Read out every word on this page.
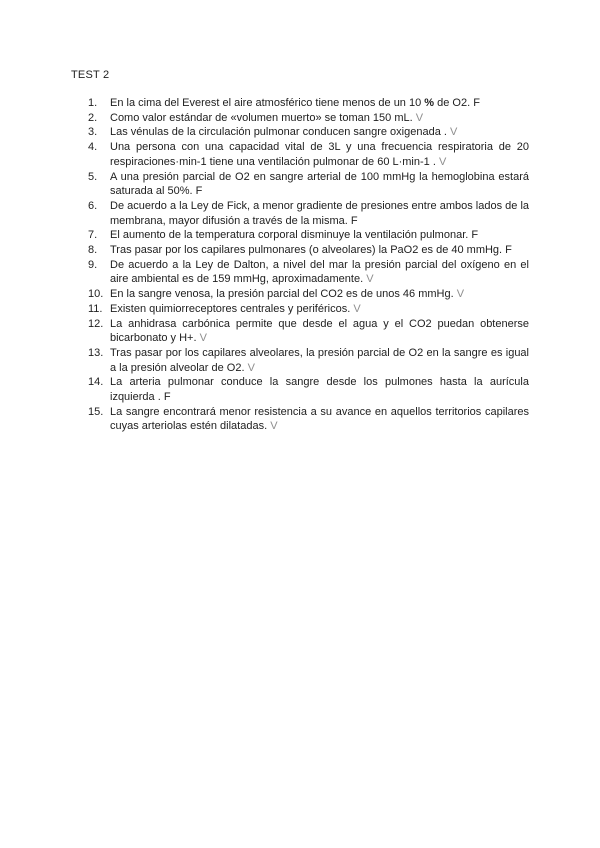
TEST 2

1.	En la cima del Everest el aire atmosférico tiene menos de un 10 % de O2. F
2.	Como valor estándar de «volumen muerto» se toman 150 mL. V
3.	Las vénulas de la circulación pulmonar conducen sangre oxigenada . V
4.	Una persona con una capacidad vital de 3L y una frecuencia respiratoria de 20 respiraciones·min-1 tiene una ventilación pulmonar de 60 L·min-1 . V
5.	A una presión parcial de O2 en sangre arterial de 100 mmHg la hemoglobina estará saturada al 50%. F
6.	De acuerdo a la Ley de Fick, a menor gradiente de presiones entre ambos lados de la membrana, mayor difusión a través de la misma. F
7.	El aumento de la temperatura corporal disminuye la ventilación pulmonar. F
8.	Tras pasar por los capilares pulmonares (o alveolares) la PaO2 es de 40 mmHg. F
9.	De acuerdo a la Ley de Dalton, a nivel del mar la presión parcial del oxígeno en el aire ambiental es de 159 mmHg, aproximadamente. V
10. En la sangre venosa, la presión parcial del CO2 es de unos 46 mmHg. V
11. Existen quimiorreceptores centrales y periféricos. V
12. La anhidrasa carbónica permite que desde el agua y el CO2 puedan obtenerse bicarbonato y H+. V
13. Tras pasar por los capilares alveolares, la presión parcial de O2 en la sangre es igual a la presión alveolar de O2. V
14. La arteria pulmonar conduce la sangre desde los pulmones hasta la aurícula izquierda . F
15. La sangre encontrará menor resistencia a su avance en aquellos territorios capilares cuyas arteriolas estén dilatadas. V
